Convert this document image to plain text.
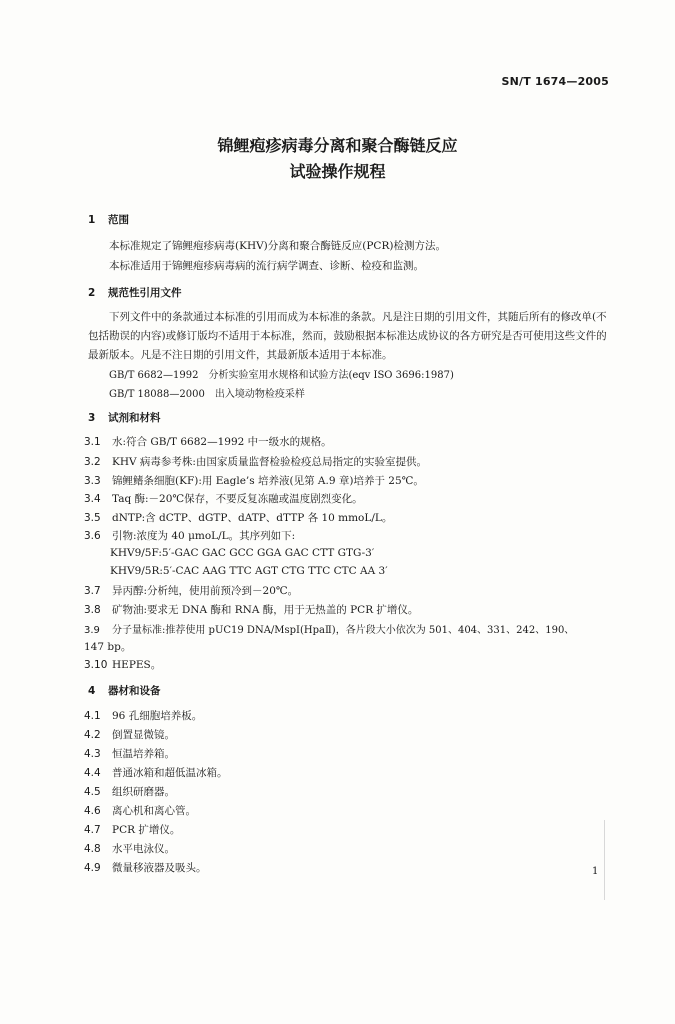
SN/T 1674—2005
锦鲤疱疹病毒分离和聚合酶链反应
试验操作规程
1 范围
本标准规定了锦鲤疱疹病毒(KHV)分离和聚合酶链反应(PCR)检测方法。
本标准适用于锦鲤疱疹病毒病的流行病学调查、诊断、检疫和监测。
2 规范性引用文件
下列文件中的条款通过本标准的引用而成为本标准的条款。凡是注日期的引用文件，其随后所有的修改单(不包括勘误的内容)或修订版均不适用于本标准，然而，鼓励根据本标准达成协议的各方研究是否可使用这些文件的最新版本。凡是不注日期的引用文件，其最新版本适用于本标准。
GB/T 6682—1992　分析实验室用水规格和试验方法(eqv ISO 3696:1987)
GB/T 18088—2000　出入境动物检疫采样
3 试剂和材料
3.1 水:符合 GB/T 6682—1992 中一级水的规格。
3.2 KHV 病毒参考株:由国家质量监督检验检疫总局指定的实验室提供。
3.3 锦鲤鳍条细胞(KF):用 Eagle’s 培养液(见第 A.9 章)培养于 25℃。
3.4 Taq 酶:－20℃保存，不要反复冻融或温度剧烈变化。
3.5 dNTP:含 dCTP、dGTP、dATP、dTTP 各 10 mmoL/L。
3.6 引物:浓度为 40 μmoL/L。其序列如下:
KHV9/5F:5′-GAC GAC GCC GGA GAC CTT GTG-3′
KHV9/5R:5′-CAC AAG TTC AGT CTG TTC CTC AA 3′
3.7 异丙醇:分析纯，使用前预冷到－20℃。
3.8 矿物油:要求无 DNA 酶和 RNA 酶，用于无热盖的 PCR 扩增仪。
3.9 分子量标准:推荐使用 pUC19 DNA/MspⅠ(HpaⅡ)，各片段大小依次为 501、404、331、242、190、
147 bp。
3.10 HEPES。
4 器材和设备
4.1 96 孔细胞培养板。
4.2 倒置显微镜。
4.3 恒温培养箱。
4.4 普通冰箱和超低温冰箱。
4.5 组织研磨器。
4.6 离心机和离心管。
4.7 PCR 扩增仪。
4.8 水平电泳仪。
4.9 微量移液器及吸头。	1
